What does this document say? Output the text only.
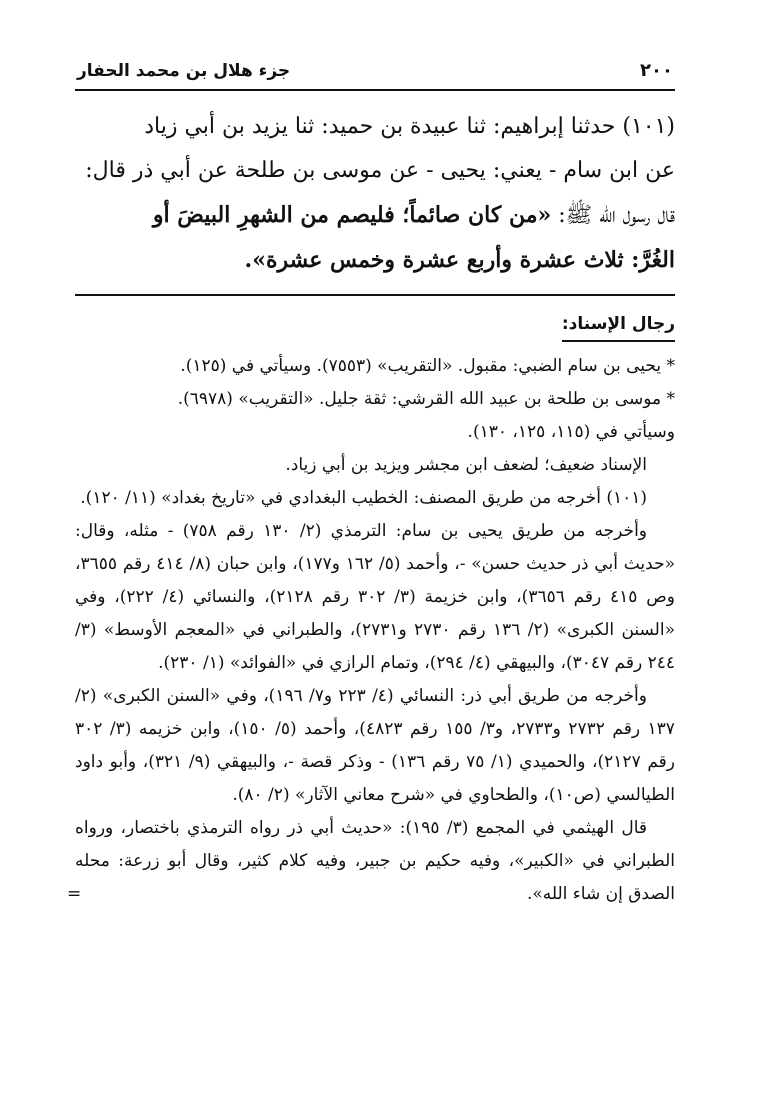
٢٠٠
جزء هلال بن محمد الحفار

(١٠١) حدثنا إبراهيم: ثنا عبيدة بن حميد: ثنا يزيد بن أبي زياد

عن ابن سام - يعني: يحيى - عن موسى بن طلحة عن أبي ذر قال:

قال رسول الله ﷺ: «من كان صائماً؛ فليصم من الشهرِ البيضَ أو

الغُرَّ: ثلاث عشرة وأربع عشرة وخمس عشرة».

رجال الإسناد:

* يحيى بن سام الضبي: مقبول. «التقريب» (٧٥٥٣). وسيأتي في (١٢٥).

* موسى بن طلحة بن عبيد الله القرشي: ثقة جليل. «التقريب» (٦٩٧٨).

وسيأتي في (١١٥، ١٢٥، ١٣٠).

الإسناد ضعيف؛ لضعف ابن مجشر ويزيد بن أبي زياد.

(١٠١) أخرجه من طريق المصنف: الخطيب البغدادي في «تاريخ بغداد» (١١/ ١٢٠).

وأخرجه من طريق يحيى بن سام: الترمذي (٢/ ١٣٠ رقم ٧٥٨) - مثله، وقال: «حديث أبي ذر حديث حسن» -، وأحمد (٥/ ١٦٢ و١٧٧)، وابن حبان (٨/ ٤١٤ رقم ٣٦٥٥، وص ٤١٥ رقم ٣٦٥٦)، وابن خزيمة (٣/ ٣٠٢ رقم ٢١٢٨)، والنسائي (٤/ ٢٢٢)، وفي «السنن الكبرى» (٢/ ١٣٦ رقم ٢٧٣٠ و٢٧٣١)، والطبراني في «المعجم الأوسط» (٣/ ٢٤٤ رقم ٣٠٤٧)، والبيهقي (٤/ ٢٩٤)، وتمام الرازي في «الفوائد» (١/ ٢٣٠).

وأخرجه من طريق أبي ذر: النسائي (٤/ ٢٢٣ و٧/ ١٩٦)، وفي «السنن الكبرى» (٢/ ١٣٧ رقم ٢٧٣٢ و٢٧٣٣، و٣/ ١٥٥ رقم ٤٨٢٣)، وأحمد (٥/ ١٥٠)، وابن خزيمه (٣/ ٣٠٢ رقم ٢١٢٧)، والحميدي (١/ ٧٥ رقم ١٣٦) - وذكر قصة -، والبيهقي (٩/ ٣٢١)، وأبو داود الطيالسي (ص١٠)، والطحاوي في «شرح معاني الآثار» (٢/ ٨٠).

قال الهيثمي في المجمع (٣/ ١٩٥): «حديث أبي ذر رواه الترمذي باختصار، ورواه الطبراني في «الكبير»، وفيه حكيم بن جبير، وفيه كلام كثير، وقال أبو زرعة: محله الصدق إن شاء الله».
=
